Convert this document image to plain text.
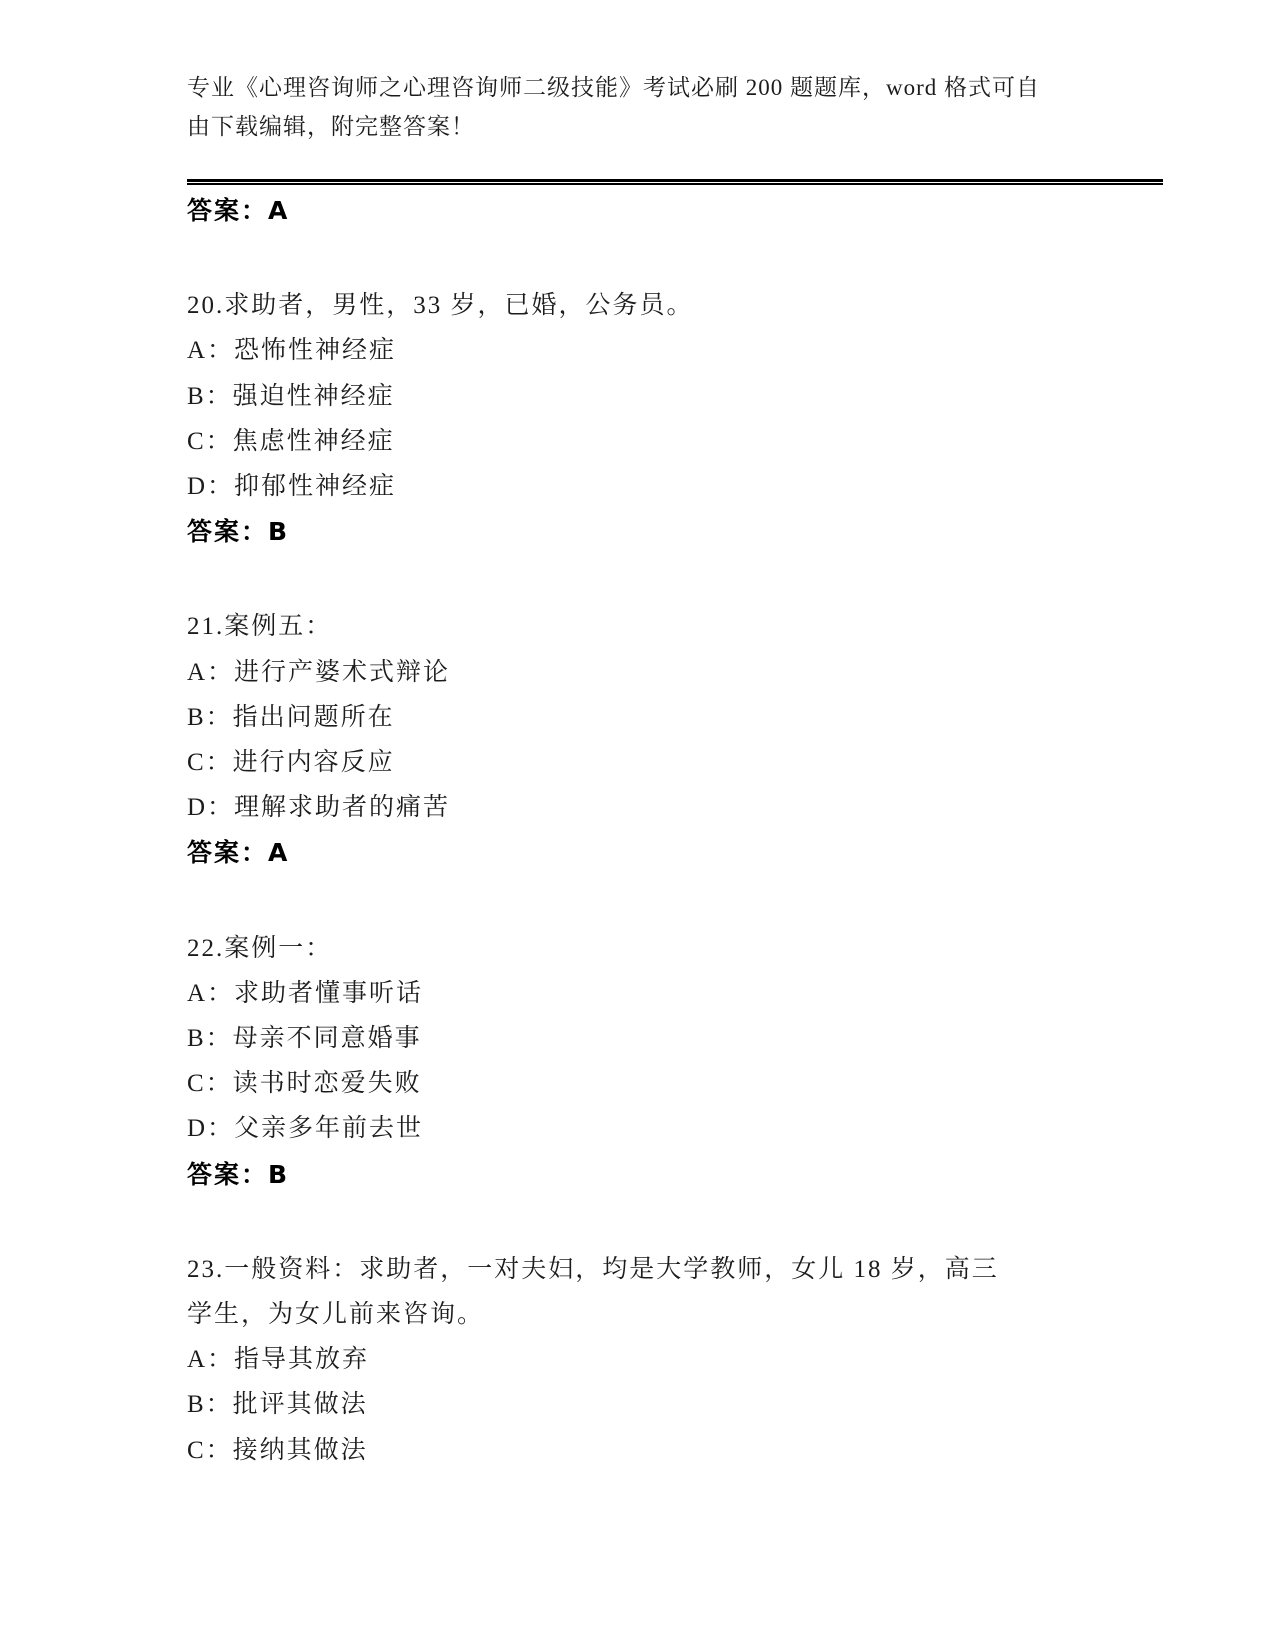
专业《心理咨询师之心理咨询师二级技能》考试必刷 200 题题库，word 格式可自

由下载编辑，附完整答案！

答案：A

20.求助者，男性，33 岁，已婚，公务员。

A：恐怖性神经症

B：强迫性神经症

C：焦虑性神经症

D：抑郁性神经症

答案：B

21.案例五：

A：进行产婆术式辩论

B：指出问题所在

C：进行内容反应

D：理解求助者的痛苦

答案：A

22.案例一：

A：求助者懂事听话

B：母亲不同意婚事

C：读书时恋爱失败

D：父亲多年前去世

答案：B

23.一般资料：求助者，一对夫妇，均是大学教师，女儿 18 岁，高三

学生，为女儿前来咨询。

A：指导其放弃

B：批评其做法

C：接纳其做法
